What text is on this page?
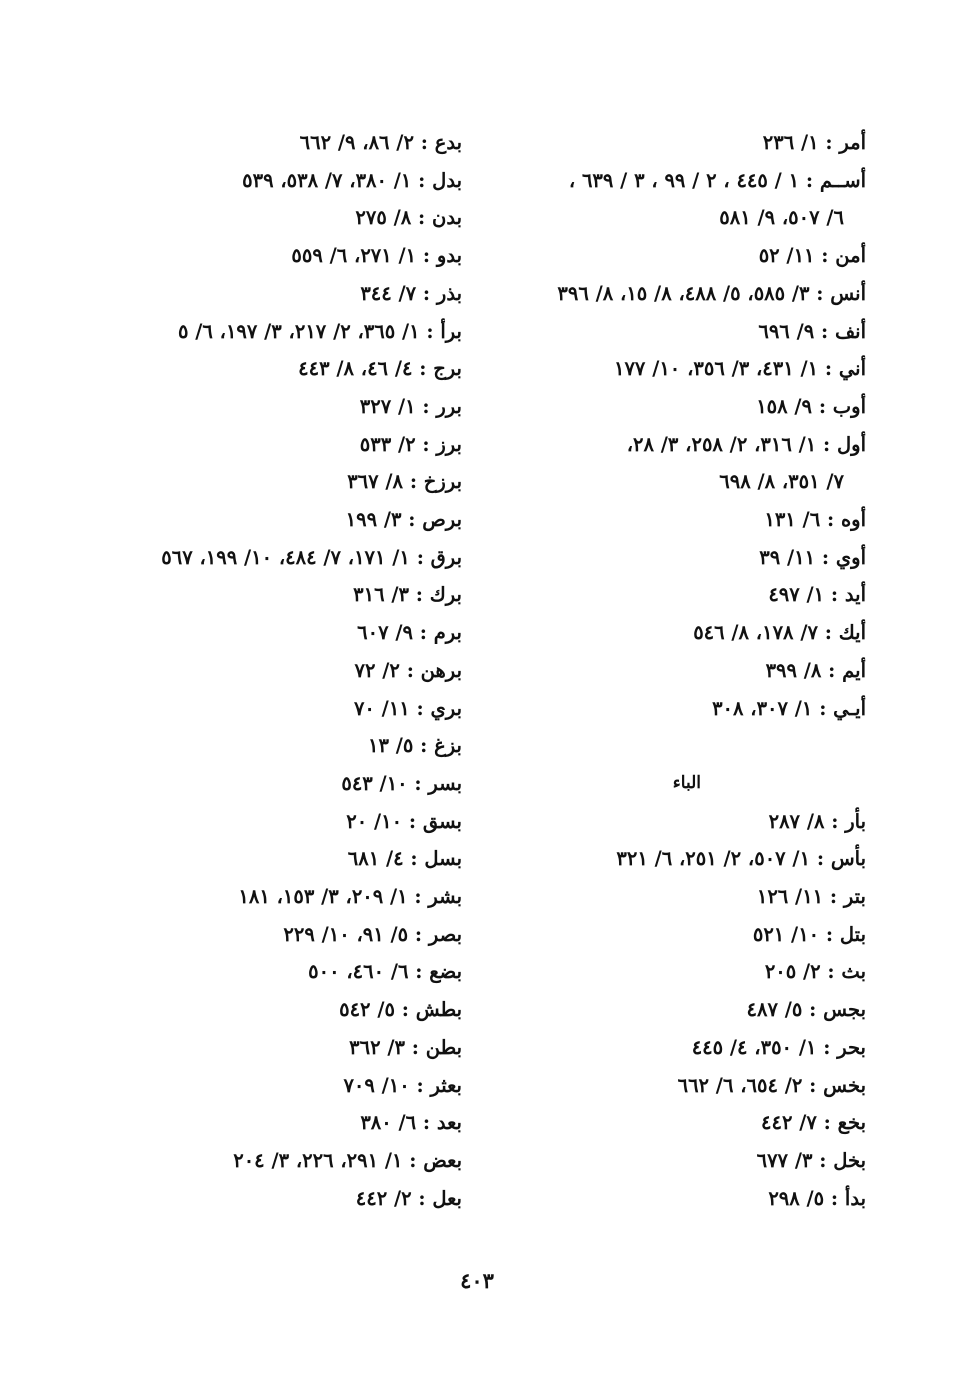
أمر : ١/ ٢٣٦
أســم : ١ / ٤٤٥ ، ٢ / ٩٩ ، ٣ / ٦٣٩ ،
٦/ ٥٠٧، ٩/ ٥٨١
أمن : ١١/ ٥٢
أنس : ٣/ ٥٨٥، ٥/ ٤٨٨، ٨/ ١٥، ٨/ ٣٩٦
أنف : ٩/ ٦٩٦
أني : ١/ ٤٣١، ٣/ ٣٥٦، ١٠/ ١٧٧
أوب : ٩/ ١٥٨
أول : ١/ ٣١٦، ٢/ ٢٥٨، ٣/ ٢٨،
٧/ ٣٥١، ٨/ ٦٩٨
أوه : ٦/ ١٣١
أوي : ١١/ ٣٩
أيد : ١/ ٤٩٧
أيك : ٧/ ١٧٨، ٨/ ٥٤٦
أيم : ٨/ ٣٩٩
أيـي : ١/ ٣٠٧، ٣٠٨
الباء
بأر : ٨/ ٢٨٧
بأس : ١/ ٥٠٧، ٢/ ٢٥١، ٦/ ٣٢١
بتر : ١١/ ١٢٦
بتل : ١٠/ ٥٢١
بث : ٢/ ٢٠٥
بجس : ٥/ ٤٨٧
بحر : ١/ ٣٥٠، ٤/ ٤٤٥
بخس : ٢/ ٦٥٤، ٦/ ٦٦٢
بخع : ٧/ ٤٤٢
بخل : ٣/ ٦٧٧
بدأ : ٥/ ٢٩٨
بدع : ٢/ ٨٦، ٩/ ٦٦٢
بدل : ١/ ٣٨٠، ٧/ ٥٣٨، ٥٣٩
بدن : ٨/ ٢٧٥
بدو : ١/ ٢٧١، ٦/ ٥٥٩
بذر : ٧/ ٣٤٤
برأ : ١/ ٣٦٥، ٢/ ٢١٧، ٣/ ١٩٧، ٦/ ٥
برج : ٤/ ٤٦، ٨/ ٤٤٣
برر : ١/ ٣٢٧
برز : ٢/ ٥٣٣
برزخ : ٨/ ٣٦٧
برص : ٣/ ١٩٩
برق : ١/ ١٧١، ٧/ ٤٨٤، ١٠/ ١٩٩، ٥٦٧
برك : ٣/ ٣١٦
برم : ٩/ ٦٠٧
برهن : ٢/ ٧٢
بري : ١١/ ٧٠
بزغ : ٥/ ١٣
بسر : ١٠/ ٥٤٣
بسق : ١٠/ ٢٠
بسل : ٤/ ٦٨١
بشر : ١/ ٢٠٩، ٣/ ١٥٣، ١٨١
بصر : ٥/ ٩١، ١٠/ ٢٢٩
بضع : ٦/ ٤٦٠، ٥٠٠
بطش : ٥/ ٥٤٢
بطن : ٣/ ٣٦٢
بعثر : ١٠/ ٧٠٩
بعد : ٦/ ٣٨٠
بعض : ١/ ٢٩١، ٢٢٦، ٣/ ٢٠٤
بعل : ٢/ ٤٤٢
٤٠٣
